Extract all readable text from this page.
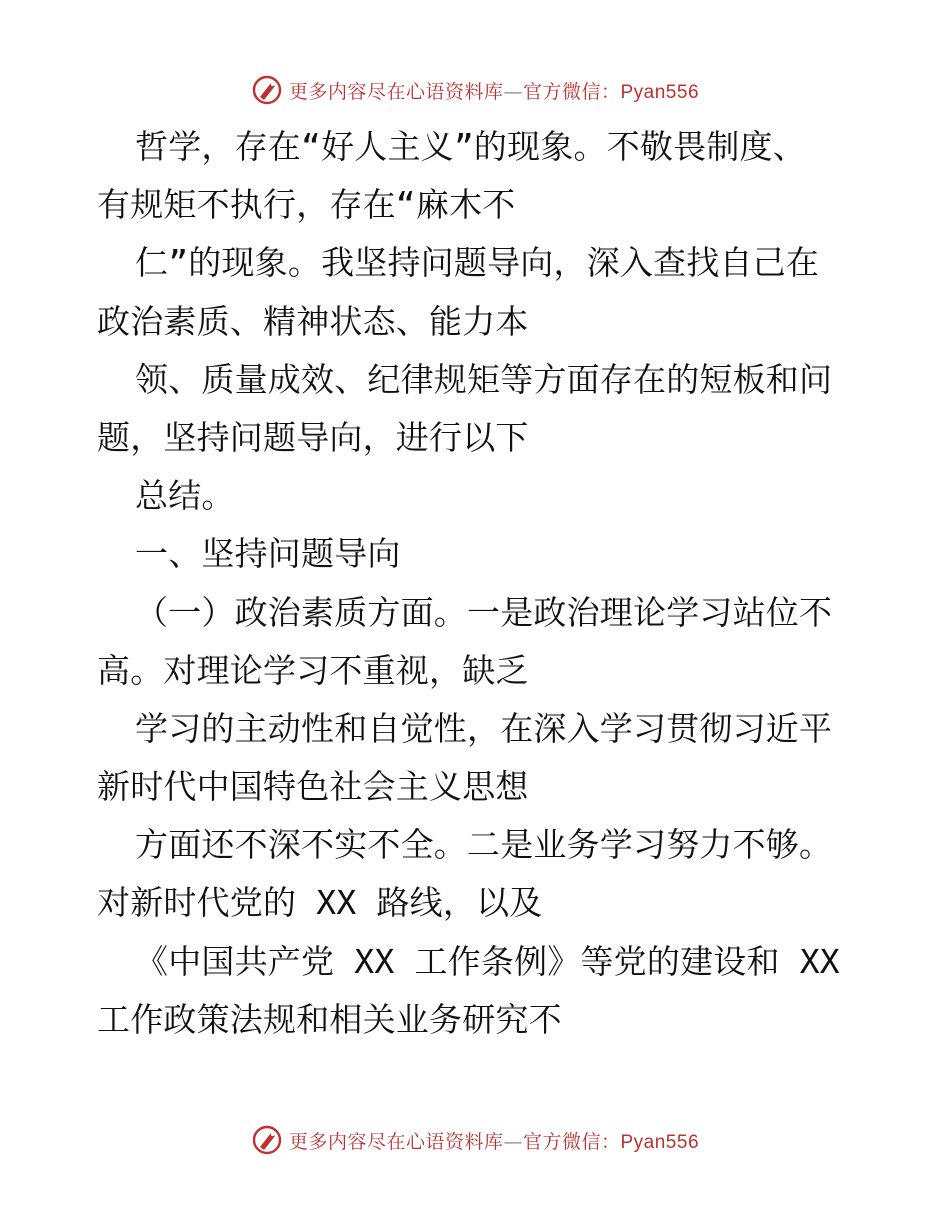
更多内容尽在心语资料库—官方微信：Pyan556
哲学，存在“好人主义”的现象。不敬畏制度、
有规矩不执行，存在“麻木不
仁”的现象。我坚持问题导向，深入查找自己在
政治素质、精神状态、能力本
领、质量成效、纪律规矩等方面存在的短板和问
题，坚持问题导向，进行以下
总结。
一、坚持问题导向
（一）政治素质方面。一是政治理论学习站位不
高。对理论学习不重视，缺乏
学习的主动性和自觉性，在深入学习贯彻习近平
新时代中国特色社会主义思想
方面还不深不实不全。二是业务学习努力不够。
对新时代党的 XX 路线，以及
《中国共产党 XX 工作条例》等党的建设和 XX
工作政策法规和相关业务研究不
更多内容尽在心语资料库—官方微信：Pyan556
